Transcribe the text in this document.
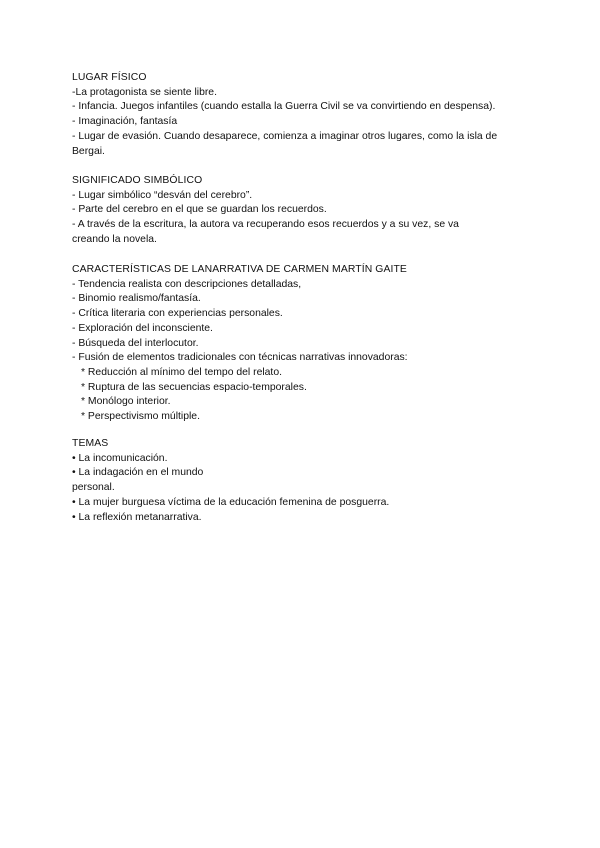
LUGAR FÍSICO
-La protagonista se siente libre.
- Infancia. Juegos infantiles (cuando estalla la Guerra Civil se va convirtiendo en despensa).
- Imaginación, fantasía
- Lugar de evasión. Cuando desaparece, comienza a imaginar otros lugares, como la isla de
Bergai.
SIGNIFICADO SIMBÓLICO
- Lugar simbólico “desván del cerebro”.
- Parte del cerebro en el que se guardan los recuerdos.
- A través de la escritura, la autora va recuperando esos recuerdos y a su vez, se va
creando la novela.
CARACTERÍSTICAS DE LANARRATIVA DE CARMEN MARTÍN GAITE
- Tendencia realista con descripciones detalladas,
- Binomio realismo/fantasía.
- Crítica literaria con experiencias personales.
- Exploración del inconsciente.
- Búsqueda del interlocutor.
- Fusión de elementos tradicionales con técnicas narrativas innovadoras:
* Reducción al mínimo del tempo del relato.
* Ruptura de las secuencias espacio-temporales.
* Monólogo interior.
* Perspectivismo múltiple.
TEMAS
• La incomunicación.
• La indagación en el mundo
personal.
• La mujer burguesa víctima de la educación femenina de posguerra.
• La reflexión metanarrativa.
